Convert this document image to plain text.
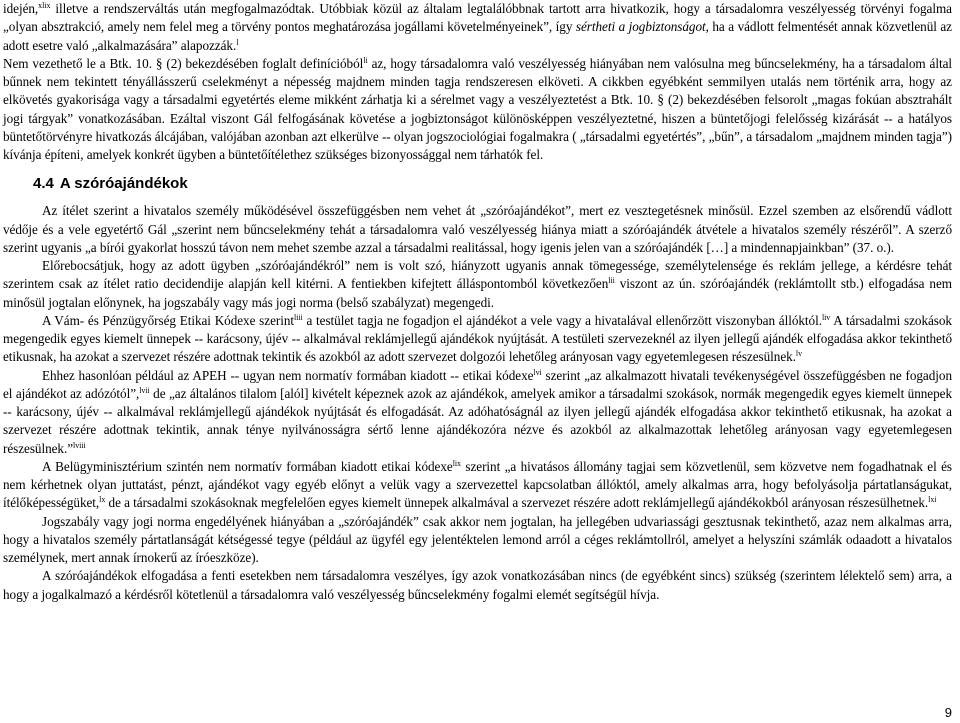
idején,$^{xlix}$ illetve a rendszerváltás után megfogalmazódtak. Utóbbiak közül az általam legtalálóbbnak tartott arra hivatkozik, hogy a társadalomra veszélyesség törvényi fogalma „olyan absztrakció, amely nem felel meg a törvény pontos meghatározása jogállami követelményeinek”, így sértheti a jogbiztonságot, ha a vádlott felmentését annak közvetlenül az adott esetre való „alkalmazására” alapozzák.$^l$

Nem vezethető le a Btk. 10. § (2) bekezdésében foglalt definícióból$^{li}$ az, hogy társadalomra való veszélyesség hiányában nem valósulna meg bűncselekmény, ha a társadalom által bűnnek nem tekintett tényállásszerű cselekményt a népesség majdnem minden tagja rendszeresen elköveti. A cikkben egyébként semmilyen utalás nem történik arra, hogy az elkövetés gyakorisága vagy a társadalmi egyetértés eleme mikként zárhatja ki a sérelmet vagy a veszélyeztetést a Btk. 10. § (2) bekezdésében felsorolt „magas fokúan absztrahált jogi tárgyak” vonatkozásában. Ezáltal viszont Gál felfogásának követése a jogbiztonságot különösképpen veszélyeztetné, hiszen a büntetőjogi felelősség kizárását -- a hatályos büntetőtörvényre hivatkozás álcájában, valójában azonban azt elkerülve -- olyan jogszociológiai fogalmakra ( „társadalmi egyetértés”, „bűn”, a társadalom „majdnem minden tagja”) kívánja építeni, amelyek konkrét ügyben a büntetőítélethez szükséges bizonyossággal nem tárhatók fel.

4.4 A szóróajándékok

Az ítélet szerint a hivatalos személy működésével összefüggésben nem vehet át „szóróajándékot”, mert ez vesztegetésnek minősül. Ezzel szemben az elsőrendű vádlott védője és a vele egyetértő Gál „szerint nem bűncselekmény tehát a társadalomra való veszélyesség hiánya miatt a szóróajándék átvétele a hivatalos személy részéről”. A szerző szerint ugyanis „a bírói gyakorlat hosszú távon nem mehet szembe azzal a társadalmi realitással, hogy igenis jelen van a szóróajándék […] a mindennapjainkban” (37. o.).

Előrebocsátjuk, hogy az adott ügyben „szóróajándékról” nem is volt szó, hiányzott ugyanis annak tömegessége, személytelensége és reklám jellege, a kérdésre tehát szerintem csak az ítélet ratio decidendije alapján kell kitérni. A fentiekben kifejtett álláspontomból következően$^{lii}$ viszont az ún. szóróajándék (reklámtollt stb.) elfogadása nem minősül jogtalan előnynek, ha jogszabály vagy más jogi norma (belső szabályzat) megengedi.

A Vám- és Pénzügyőrség Etikai Kódexe szerint$^{liii}$ a testület tagja ne fogadjon el ajándékot a vele vagy a hivatalával ellenőrzött viszonyban állóktól.$^{liv}$ A társadalmi szokások megengedik egyes kiemelt ünnepek -- karácsony, újév -- alkalmával reklámjellegű ajándékok nyújtását. A testületi szervezeknél az ilyen jellegű ajándék elfogadása akkor tekinthető etikusnak, ha azokat a szervezet részére adottnak tekintik és azokból az adott szervezet dolgozói lehetőleg arányosan vagy egyetemlegesen részesülnek.$^{lv}$

Ehhez hasonlóan például az APEH -- ugyan nem normatív formában kiadott -- etikai kódexe$^{lvi}$ szerint „az alkalmazott hivatali tevékenységével összefüggésben ne fogadjon el ajándékot az adózótól”,$^{lvii}$ de „az általános tilalom [alól] kivételt képeznek azok az ajándékok, amelyek amikor a társadalmi szokások, normák megengedik egyes kiemelt ünnepek -- karácsony, újév -- alkalmával reklámjellegű ajándékok nyújtását és elfogadását. Az adóhatóságnál az ilyen jellegű ajándék elfogadása akkor tekinthető etikusnak, ha azokat a szervezet részére adottnak tekintik, annak ténye nyilvánosságra sértő lenne ajándékozóra nézve és azokból az alkalmazottak lehetőleg arányosan vagy egyetemlegesen részesülnek.”$^{lviii}$

A Belügyminisztérium szintén nem normatív formában kiadott etikai kódexe$^{lix}$ szerint „a hivatásos állomány tagjai sem közvetlenül, sem közvetve nem fogadhatnak el és nem kérhetnek olyan juttatást, pénzt, ajándékot vagy egyéb előnyt a velük vagy a szervezettel kapcsolatban állóktól, amely alkalmas arra, hogy befolyásolja pártatlanságukat, ítélőképességüket,$^{lx}$ de a társadalmi szokásoknak megfelelően egyes kiemelt ünnepek alkalmával a szervezet részére adott reklámjellegű ajándékokból arányosan részesülhetnek.$^{lxi}$

Jogszabály vagy jogi norma engedélyének hiányában a „szóróajándék” csak akkor nem jogtalan, ha jellegében udvariassági gesztusnak tekinthető, azaz nem alkalmas arra, hogy a hivatalos személy pártatlanságát kétségessé tegye (például az ügyfél egy jelentéktelen lemond arról a céges reklámtollról, amelyet a helyszíni számlák odaadott a hivatalos személynek, mert annak írnokerű az íróeszköze).

A szóróajándékok elfogadása a fenti esetekben nem társadalomra veszélyes, így azok vonatkozásában nincs (de egyébként sincs) szükség (szerintem lélektelő sem) arra, a hogy a jogalkalmazó a kérdésről kötetlenül a társadalomra való veszélyesség bűncselekmény fogalmi elemét segítségül hívja.

9
